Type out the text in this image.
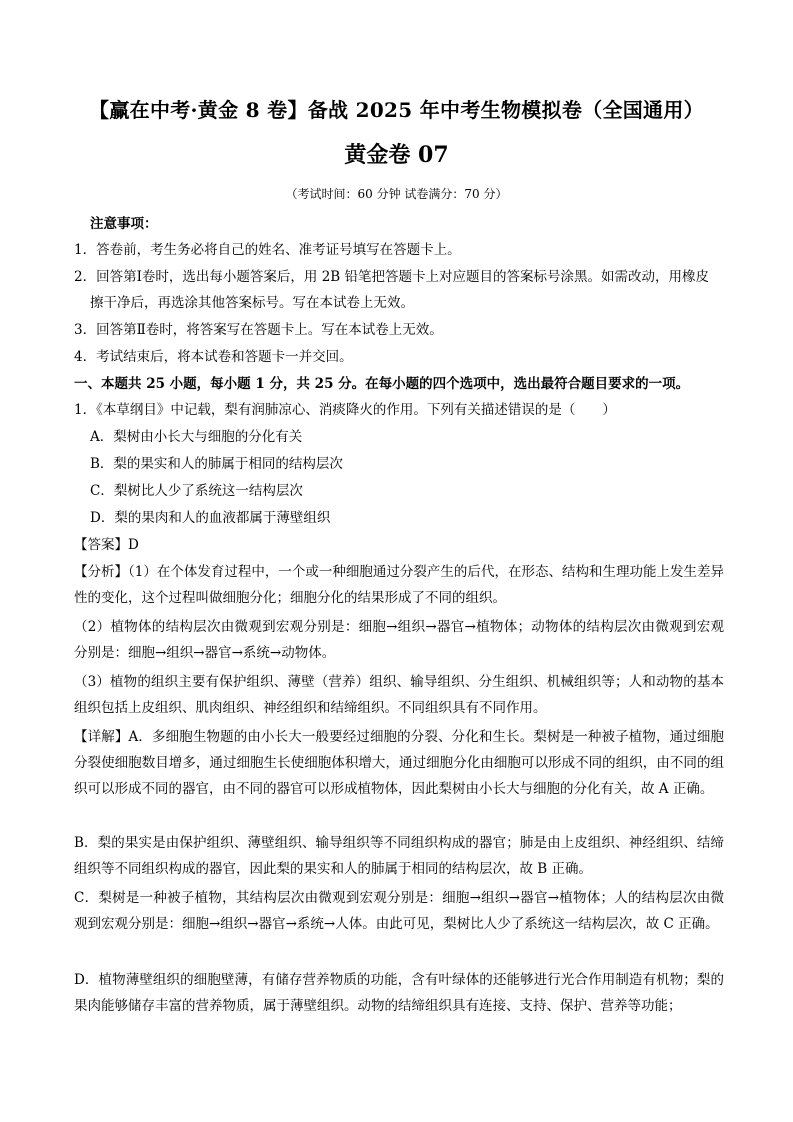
【赢在中考·黄金 8 卷】备战 2025 年中考生物模拟卷（全国通用）
黄金卷 07
（考试时间：60 分钟 试卷满分：70 分）
注意事项：
1．答卷前，考生务必将自己的姓名、准考证号填写在答题卡上。
2．回答第Ⅰ卷时，选出每小题答案后，用 2B 铅笔把答题卡上对应题目的答案标号涂黑。如需改动，用橡皮
擦干净后，再选涂其他答案标号。写在本试卷上无效。
3．回答第Ⅱ卷时，将答案写在答题卡上。写在本试卷上无效。
4．考试结束后，将本试卷和答题卡一并交回。
一、本题共 25 小题，每小题 1 分，共 25 分。在每小题的四个选项中，选出最符合题目要求的一项。
1．《本草纲目》中记载，梨有润肺凉心、消痰降火的作用。下列有关描述错误的是（　　）
A．梨树由小长大与细胞的分化有关
B．梨的果实和人的肺属于相同的结构层次
C．梨树比人少了系统这一结构层次
D．梨的果肉和人的血液都属于薄壁组织
【答案】D
【分析】（1）在个体发育过程中，一个或一种细胞通过分裂产生的后代，在形态、结构和生理功能上发生差异性的变化，这个过程叫做细胞分化；细胞分化的结果形成了不同的组织。
（2）植物体的结构层次由微观到宏观分别是：细胞→组织→器官→植物体；动物体的结构层次由微观到宏观分别是：细胞→组织→器官→系统→动物体。
（3）植物的组织主要有保护组织、薄壁（营养）组织、输导组织、分生组织、机械组织等；人和动物的基本组织包括上皮组织、肌肉组织、神经组织和结缔组织。不同组织具有不同作用。
【详解】A．多细胞生物题的由小长大一般要经过细胞的分裂、分化和生长。梨树是一种被子植物，通过细胞分裂使细胞数目增多，通过细胞生长使细胞体积增大，通过细胞分化由细胞可以形成不同的组织，由不同的组织可以形成不同的器官，由不同的器官可以形成植物体，因此梨树由小长大与细胞的分化有关，故 A 正确。
B．梨的果实是由保护组织、薄壁组织、输导组织等不同组织构成的器官；肺是由上皮组织、神经组织、结缔组织等不同组织构成的器官，因此梨的果实和人的肺属于相同的结构层次，故 B 正确。
C．梨树是一种被子植物，其结构层次由微观到宏观分别是：细胞→组织→器官→植物体；人的结构层次由微观到宏观分别是：细胞→组织→器官→系统→人体。由此可见，梨树比人少了系统这一结构层次，故 C 正确。
D．植物薄壁组织的细胞壁薄，有储存营养物质的功能，含有叶绿体的还能够进行光合作用制造有机物；梨的果肉能够储存丰富的营养物质，属于薄壁组织。动物的结缔组织具有连接、支持、保护、营养等功能；
